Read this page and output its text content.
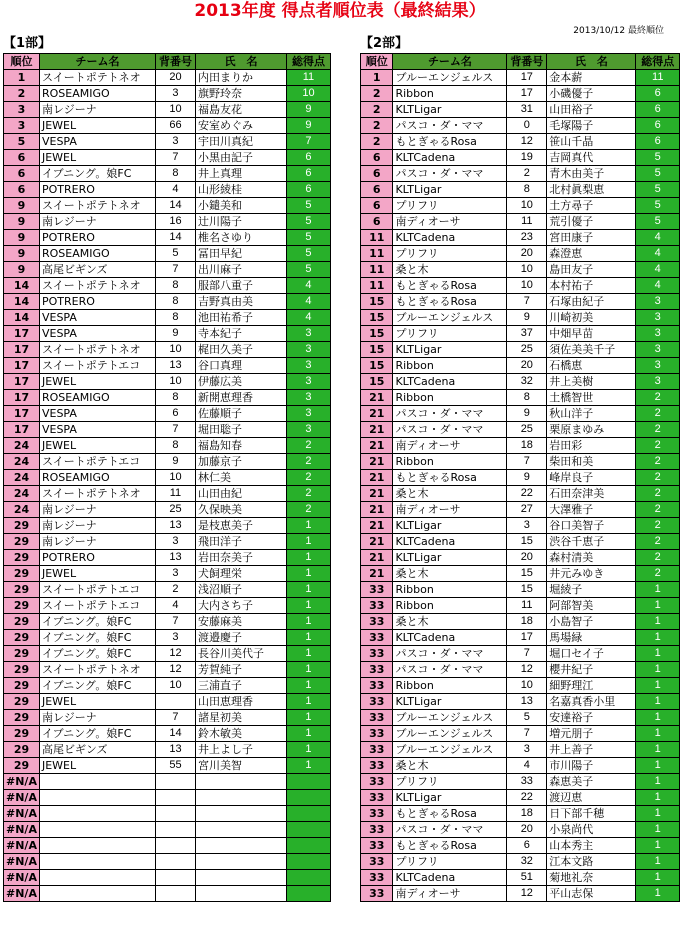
2013年度 得点者順位表（最終結果）
2013/10/12 最終順位
【1部】	【2部】
順位	チーム名	背番号	氏　名	総得点
1	スイートポテトネオ	20	内田まりか	11
2	ROSEAMIGO	3	旗野玲奈	10
3	南レジーナ	10	福島友花	9
3	JEWEL	66	安室めぐみ	9
5	VESPA	3	宇田川真紀	7
6	JEWEL	7	小黒由記子	6
6	イブニング。娘FC	8	井上真理	6
6	POTRERO	4	山形綾桂	6
9	スイートポテトネオ	14	小鑓美和	5
9	南レジーナ	16	辻川陽子	5
9	POTRERO	14	椎名さゆり	5
9	ROSEAMIGO	5	冨田早紀	5
9	高尾ビギンズ	7	出川麻子	5
14	スイートポテトネオ	8	服部八重子	4
14	POTRERO	8	吉野真由美	4
14	VESPA	8	池田祐希子	4
17	VESPA	9	寺本紀子	3
17	スイートポテトネオ	10	梶田久美子	3
17	スイートポテトエコ	13	谷口真理	3
17	JEWEL	10	伊藤広美	3
17	ROSEAMIGO	8	新開恵理香	3
17	VESPA	6	佐藤順子	3
17	VESPA	7	堀田聡子	3
24	JEWEL	8	福島知春	2
24	スイートポテトエコ	9	加藤京子	2
24	ROSEAMIGO	10	林仁美	2
24	スイートポテトネオ	11	山田由紀	2
24	南レジーナ	25	久保映美	2
29	南レジーナ	13	是枝恵美子	1
29	南レジーナ	3	飛田洋子	1
29	POTRERO	13	岩田奈美子	1
29	JEWEL	3	犬飼理栄	1
29	スイートポテトエコ	2	浅沼順子	1
29	スイートポテトエコ	4	大内さち子	1
29	イブニング。娘FC	7	安藤麻美	1
29	イブニング。娘FC	3	渡邉慶子	1
29	イブニング。娘FC	12	長谷川美代子	1
29	スイートポテトネオ	12	芳賀純子	1
29	イブニング。娘FC	10	三浦直子	1
29	JEWEL		山田恵理香	1
29	南レジーナ	7	諸星初美	1
29	イブニング。娘FC	14	鈴木敏美	1
29	高尾ビギンズ	13	井上よし子	1
29	JEWEL	55	宮川美智	1
#N/A				
#N/A				
#N/A				
#N/A				
#N/A				
#N/A				
#N/A				
#N/A				
順位	チーム名	背番号	氏　名	総得点
1	ブルーエンジェルス	17	金本薪	11
2	Ribbon	17	小磯優子	6
2	KLTLigar	31	山田裕子	6
2	パスコ・ダ・ママ	0	毛塚陽子	6
2	もとぎゃるRosa	12	笹山千晶	6
6	KLTCadena	19	吉岡真代	5
6	パスコ・ダ・ママ	2	青木由美子	5
6	KLTLigar	8	北村眞梨恵	5
6	プリフリ	10	土方尋子	5
6	南ディオーサ	11	荒引優子	5
11	KLTCadena	23	宮田康子	4
11	プリフリ	20	森澄恵	4
11	桑と木	10	島田友子	4
11	もとぎゃるRosa	10	本村祐子	4
15	もとぎゃるRosa	7	石塚由紀子	3
15	ブルーエンジェルス	9	川崎初美	3
15	プリフリ	37	中畑早苗	3
15	KLTLigar	25	須佐美美千子	3
15	Ribbon	20	石橋恵	3
15	KLTCadena	32	井上美樹	3
21	Ribbon	8	土橋智世	2
21	パスコ・ダ・ママ	9	秋山洋子	2
21	パスコ・ダ・ママ	25	栗原まゆみ	2
21	南ディオーサ	18	岩田彩	2
21	Ribbon	7	柴田和美	2
21	もとぎゃるRosa	9	峰岸良子	2
21	桑と木	22	石田奈津美	2
21	南ディオーサ	27	大澤雅子	2
21	KLTLigar	3	谷口美智子	2
21	KLTCadena	15	渋谷千恵子	2
21	KLTLigar	20	森村清美	2
21	桑と木	15	井元みゆき	2
33	Ribbon	15	堀綾子	1
33	Ribbon	11	阿部智美	1
33	桑と木	18	小島智子	1
33	KLTCadena	17	馬場緑	1
33	パスコ・ダ・ママ	7	堀口セイ子	1
33	パスコ・ダ・ママ	12	櫻井紀子	1
33	Ribbon	10	細野理江	1
33	KLTLigar	13	名嘉真香小里	1
33	ブルーエンジェルス	5	安達裕子	1
33	ブルーエンジェルス	7	増元朋子	1
33	ブルーエンジェルス	3	井上善子	1
33	桑と木	4	市川陽子	1
33	プリフリ	33	森恵美子	1
33	KLTLigar	22	渡辺恵	1
33	もとぎゃるRosa	18	日下部千穂	1
33	パスコ・ダ・ママ	20	小泉尚代	1
33	もとぎゃるRosa	6	山本秀主	1
33	プリフリ	32	江本文路	1
33	KLTCadena	51	菊地礼奈	1
33	南ディオーサ	12	平山志保	1
